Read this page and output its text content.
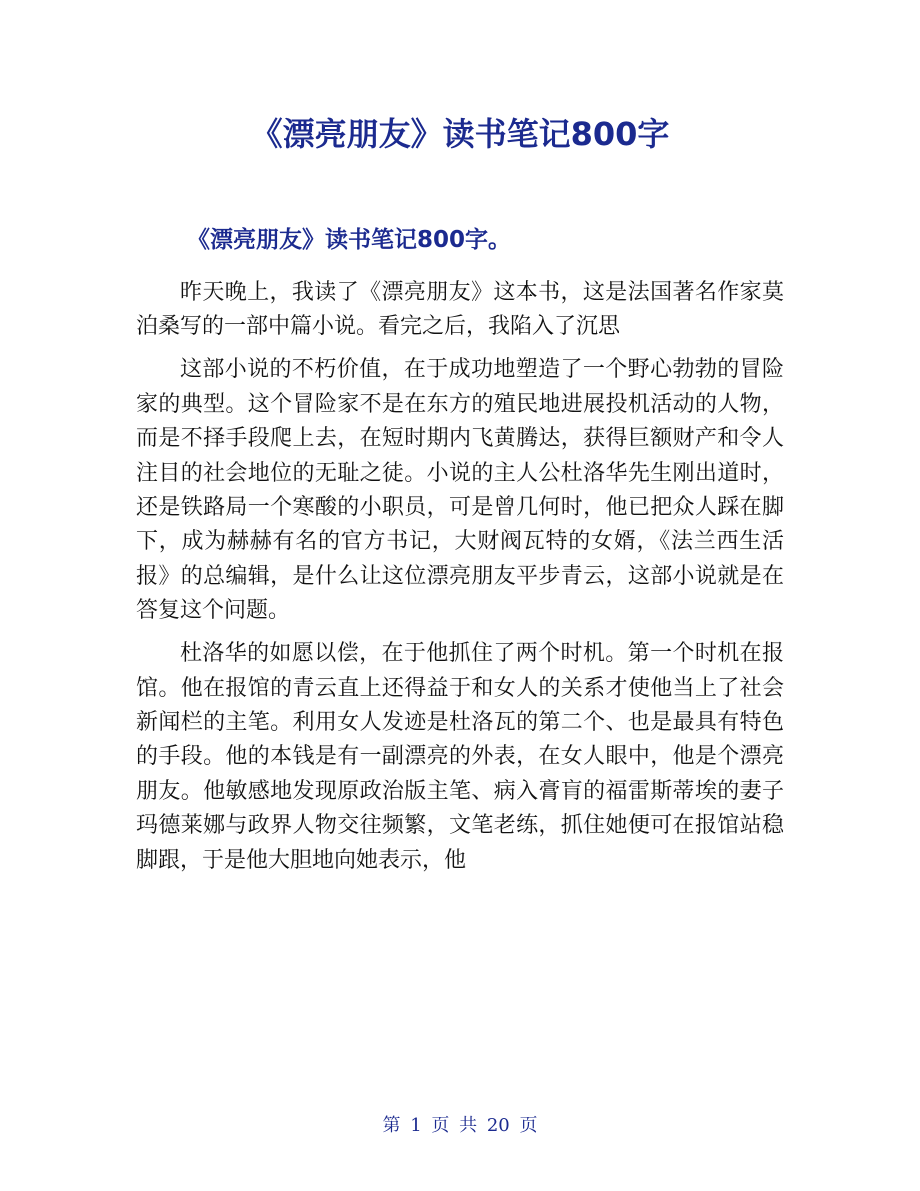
《漂亮朋友》读书笔记800字
《漂亮朋友》读书笔记800字。

昨天晚上，我读了《漂亮朋友》这本书，这是法国著名作家莫泊桑写的一部中篇小说。看完之后，我陷入了沉思

这部小说的不朽价值，在于成功地塑造了一个野心勃勃的冒险家的典型。这个冒险家不是在东方的殖民地进展投机活动的人物，而是不择手段爬上去，在短时期内飞黄腾达，获得巨额财产和令人注目的社会地位的无耻之徒。小说的主人公杜洛华先生刚出道时，还是铁路局一个寒酸的小职员，可是曾几何时，他已把众人踩在脚下，成为赫赫有名的官方书记，大财阀瓦特的女婿，《法兰西生活报》的总编辑，是什么让这位漂亮朋友平步青云，这部小说就是在答复这个问题。

杜洛华的如愿以偿，在于他抓住了两个时机。第一个时机在报馆。他在报馆的青云直上还得益于和女人的关系才使他当上了社会新闻栏的主笔。利用女人发迹是杜洛瓦的第二个、也是最具有特色的手段。他的本钱是有一副漂亮的外表，在女人眼中，他是个漂亮朋友。他敏感地发现原政治版主笔、病入膏肓的福雷斯蒂埃的妻子玛德莱娜与政界人物交往频繁，文笔老练，抓住她便可在报馆站稳脚跟，于是他大胆地向她表示，他

第 1 页 共 20 页
